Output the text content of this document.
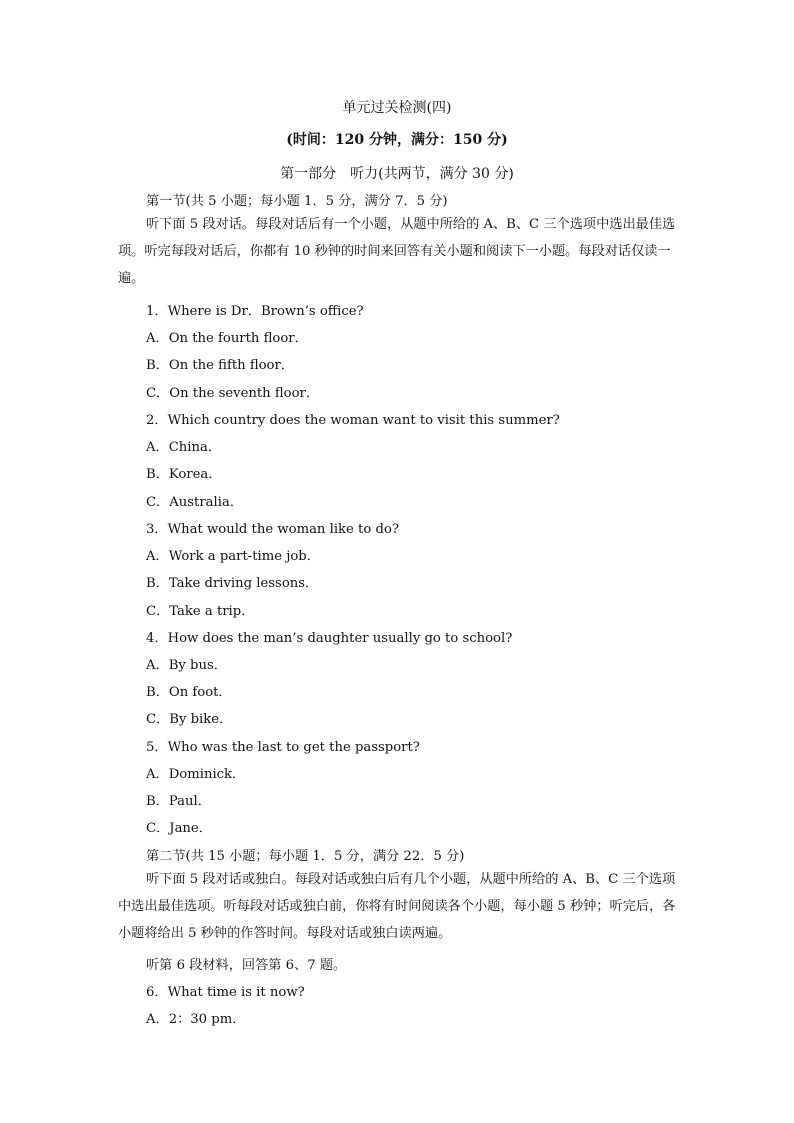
单元过关检测(四)
(时间：120 分钟，满分：150 分)
第一部分　听力(共两节，满分 30 分)
第一节(共 5 小题；每小题 1．5 分，满分 7．5 分)
听下面 5 段对话。每段对话后有一个小题，从题中所给的 A、B、C 三个选项中选出最佳选项。听完每段对话后，你都有 10 秒钟的时间来回答有关小题和阅读下一小题。每段对话仅读一遍。
1．Where is Dr．Brown’s office?
A．On the fourth floor．
B．On the fifth floor．
C．On the seventh floor．
2．Which country does the woman want to visit this summer?
A．China．
B．Korea．
C．Australia．
3．What would the woman like to do?
A．Work a part-time job．
B．Take driving lessons．
C．Take a trip．
4．How does the man’s daughter usually go to school?
A．By bus．
B．On foot．
C．By bike．
5．Who was the last to get the passport?
A．Dominick．
B．Paul．
C．Jane．
第二节(共 15 小题；每小题 1．5 分，满分 22．5 分)
听下面 5 段对话或独白。每段对话或独白后有几个小题，从题中所给的 A、B、C 三个选项中选出最佳选项。听每段对话或独白前，你将有时间阅读各个小题，每小题 5 秒钟；听完后，各小题将给出 5 秒钟的作答时间。每段对话或独白读两遍。
听第 6 段材料，回答第 6、7 题。
6．What time is it now?
A．2：30 pm．
